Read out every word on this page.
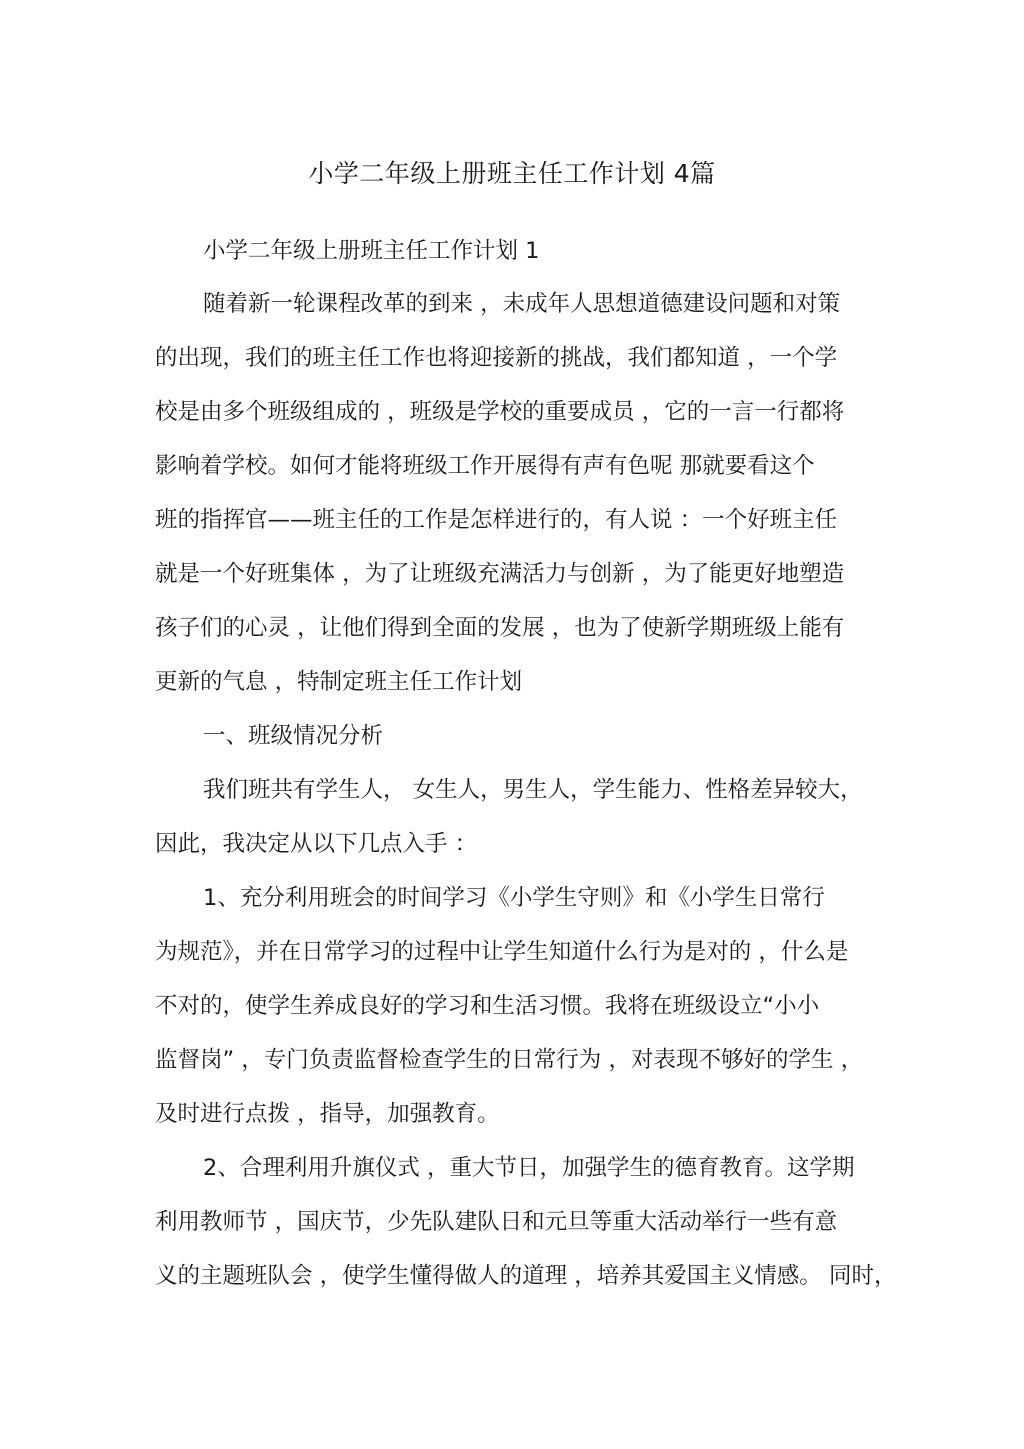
小学二年级上册班主任工作计划 4篇
小学二年级上册班主任工作计划 1
随着新一轮课程改革的到来 ，未成年人思想道德建设问题和对策
的出现，我们的班主任工作也将迎接新的挑战，我们都知道 ，一个学
校是由多个班级组成的 ，班级是学校的重要成员 ，它的一言一行都将
影响着学校。如何才能将班级工作开展得有声有色呢 那就要看这个
班的指挥官——班主任的工作是怎样进行的，有人说 ：一个好班主任
就是一个好班集体 ，为了让班级充满活力与创新 ，为了能更好地塑造
孩子们的心灵 ，让他们得到全面的发展 ，也为了使新学期班级上能有
更新的气息 ，特制定班主任工作计划
一、班级情况分析
我们班共有学生人， 女生人，男生人，学生能力、性格差异较大，
因此，我决定从以下几点入手 ：
1、充分利用班会的时间学习《小学生守则》和《小学生日常行
为规范》，并在日常学习的过程中让学生知道什么行为是对的 ，什么是
不对的，使学生养成良好的学习和生活习惯。我将在班级设立“小小
监督岗” ，专门负责监督检查学生的日常行为 ，对表现不够好的学生 ，
及时进行点拨 ，指导，加强教育。
2、合理利用升旗仪式 ，重大节日，加强学生的德育教育。这学期
利用教师节 ，国庆节，少先队建队日和元旦等重大活动举行一些有意
义的主题班队会 ，使学生懂得做人的道理 ，培养其爱国主义情感。 同时，
